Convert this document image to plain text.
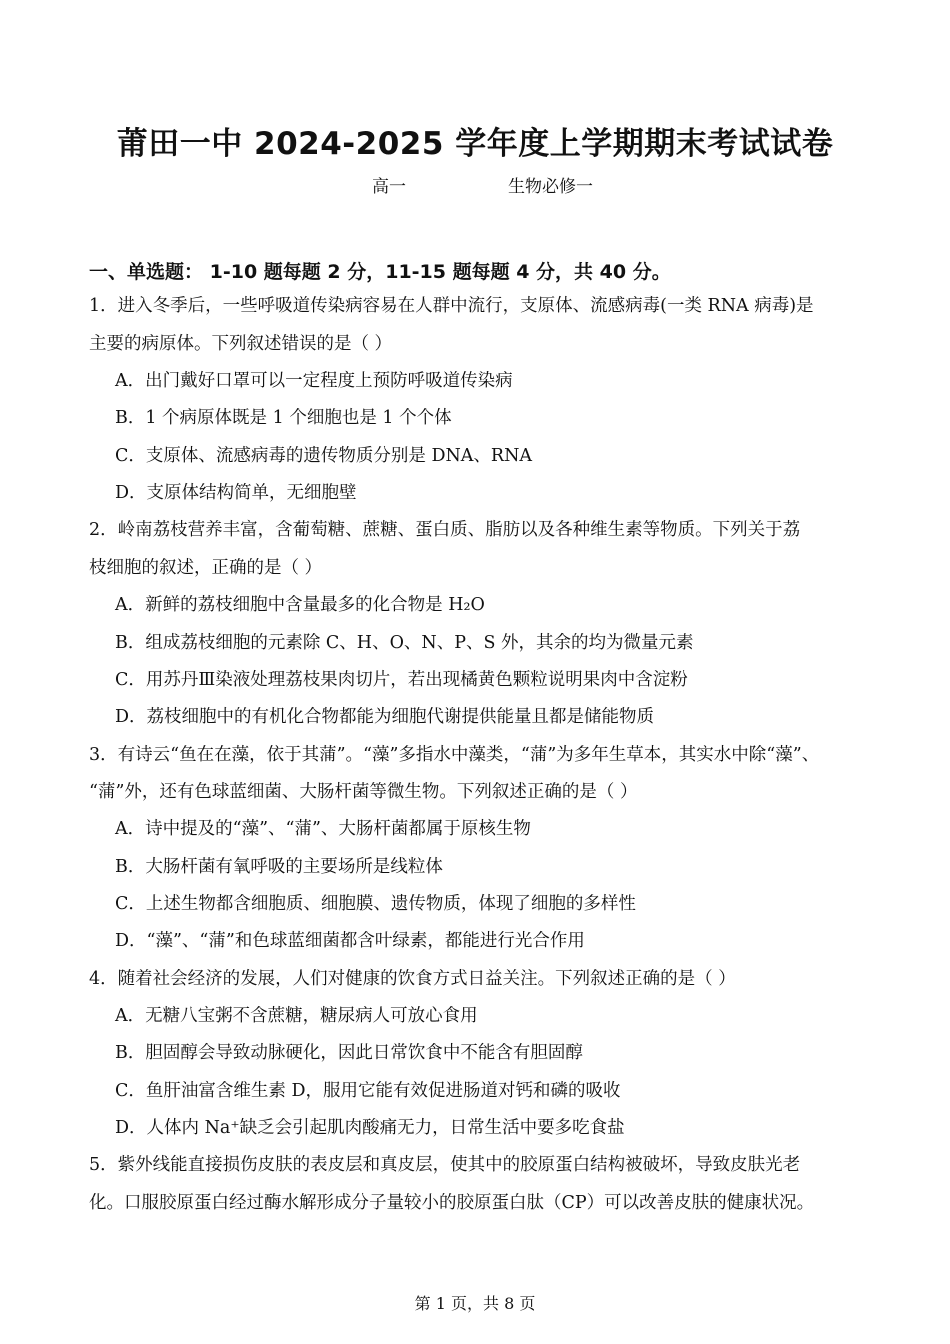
莆田一中 2024-2025 学年度上学期期末考试试卷
高一	生物必修一
一、单选题： 1-10 题每题 2 分，11-15 题每题 4 分，共 40 分。
1．进入冬季后，一些呼吸道传染病容易在人群中流行，支原体、流感病毒(一类 RNA 病毒)是
主要的病原体。下列叙述错误的是（ ）
A．出门戴好口罩可以一定程度上预防呼吸道传染病
B．1 个病原体既是 1 个细胞也是 1 个个体
C．支原体、流感病毒的遗传物质分别是 DNA、RNA
D．支原体结构简单，无细胞壁
2．岭南荔枝营养丰富，含葡萄糖、蔗糖、蛋白质、脂肪以及各种维生素等物质。下列关于荔
枝细胞的叙述，正确的是（ ）
A．新鲜的荔枝细胞中含量最多的化合物是 H₂O
B．组成荔枝细胞的元素除 C、H、O、N、P、S 外，其余的均为微量元素
C．用苏丹Ⅲ染液处理荔枝果肉切片，若出现橘黄色颗粒说明果肉中含淀粉
D．荔枝细胞中的有机化合物都能为细胞代谢提供能量且都是储能物质
3．有诗云“鱼在在藻，依于其蒲”。“藻”多指水中藻类，“蒲”为多年生草本，其实水中除“藻”、
“蒲”外，还有色球蓝细菌、大肠杆菌等微生物。下列叙述正确的是（ ）
A．诗中提及的“藻”、“蒲”、大肠杆菌都属于原核生物
B．大肠杆菌有氧呼吸的主要场所是线粒体
C．上述生物都含细胞质、细胞膜、遗传物质，体现了细胞的多样性
D．“藻”、“蒲”和色球蓝细菌都含叶绿素，都能进行光合作用
4．随着社会经济的发展，人们对健康的饮食方式日益关注。下列叙述正确的是（ ）
A．无糖八宝粥不含蔗糖，糖尿病人可放心食用
B．胆固醇会导致动脉硬化，因此日常饮食中不能含有胆固醇
C．鱼肝油富含维生素 D，服用它能有效促进肠道对钙和磷的吸收
D．人体内 Na⁺缺乏会引起肌肉酸痛无力，日常生活中要多吃食盐
5．紫外线能直接损伤皮肤的表皮层和真皮层，使其中的胶原蛋白结构被破坏，导致皮肤光老
化。口服胶原蛋白经过酶水解形成分子量较小的胶原蛋白肽（CP）可以改善皮肤的健康状况。
第 1 页，共 8 页
